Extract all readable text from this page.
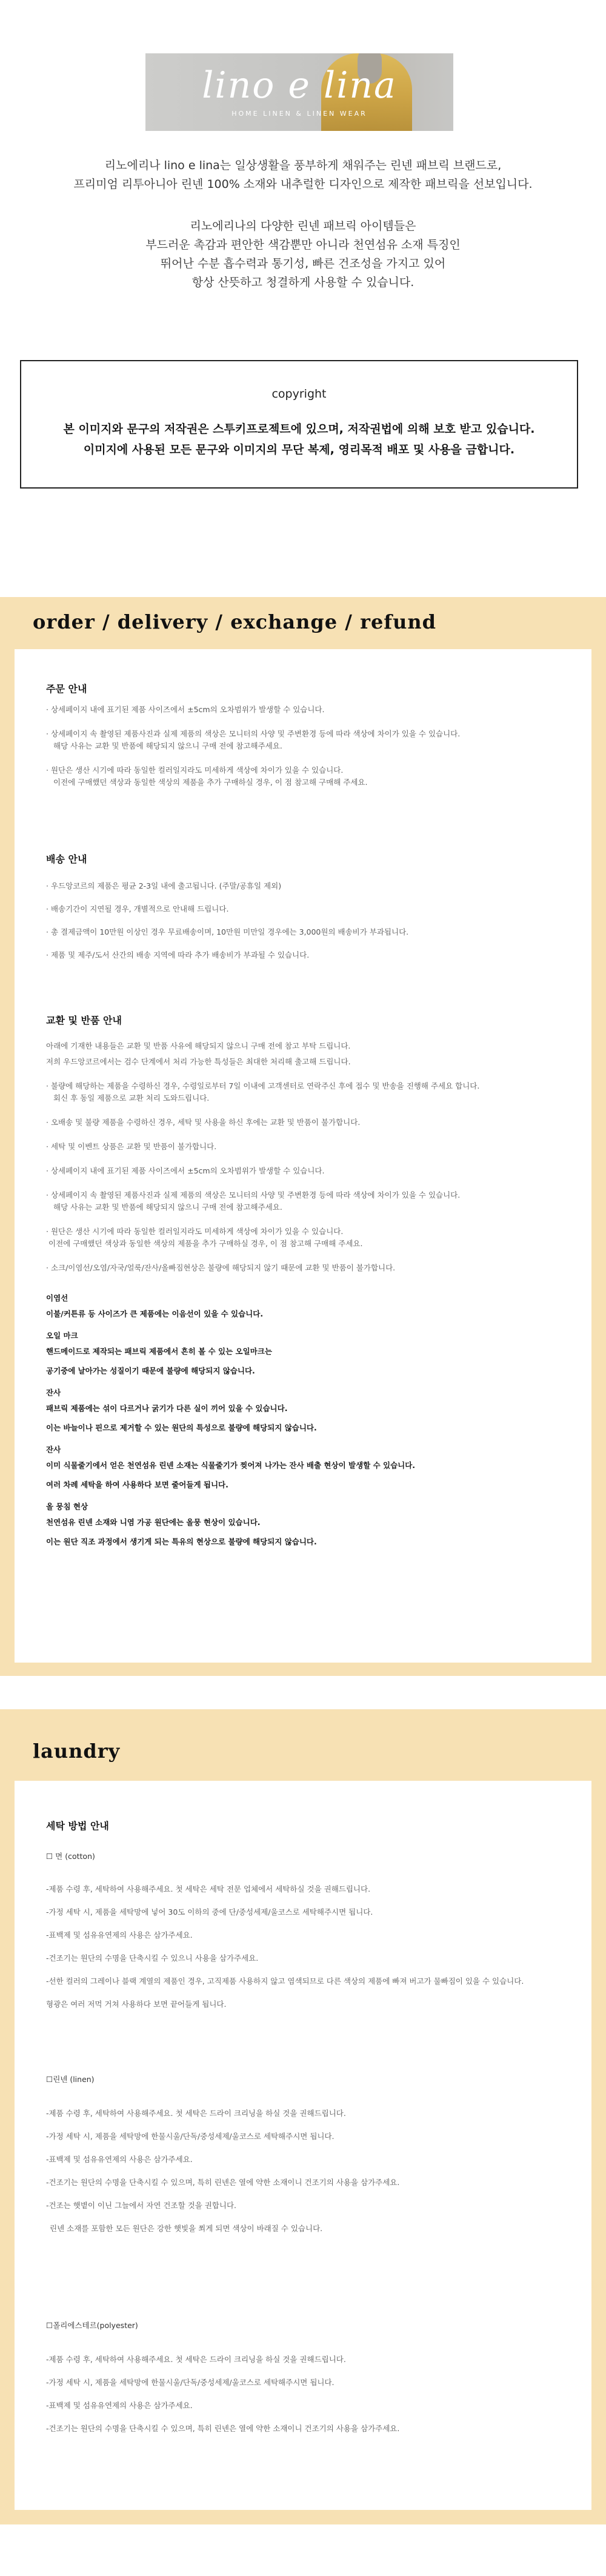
lino e lina
HOME LINEN & LINEN WEAR
리노에리나 lino e lina는 일상생활을 풍부하게 채워주는 린넨 패브릭 브랜드로,
프리미엄 리투아니아 린넨 100% 소재와 내추럴한 디자인으로 제작한 패브릭을 선보입니다.
리노에리나의 다양한 린넨 패브릭 아이템들은
부드러운 촉감과 편안한 색감뿐만 아니라 천연섬유 소재 특징인
뛰어난 수분 흡수력과 통기성, 빠른 건조성을 가지고 있어
항상 산뜻하고 청결하게 사용할 수 있습니다.
copyright
본 이미지와 문구의 저작권은 스투키프로젝트에 있으며, 저작권법에 의해 보호 받고 있습니다.
이미지에 사용된 모든 문구와 이미지의 무단 복제, 영리목적 배포 및 사용을 금합니다.
order / delivery / exchange / refund
주문 안내
· 상세페이지 내에 표기된 제품 사이즈에서 ±5cm의 오차범위가 발생할 수 있습니다.
· 상세페이지 속 촬영된 제품사진과 실제 제품의 색상은 모니터의 사양 및 주변환경 등에 따라 색상에 차이가 있을 수 있습니다.
해당 사유는 교환 및 반품에 해당되지 않으니 구매 전에 참고해주세요.
· 원단은 생산 시기에 따라 동일한 컬러일지라도 미세하게 색상에 차이가 있을 수 있습니다.
이전에 구매했던 색상과 동일한 색상의 제품을 추가 구매하실 경우, 이 점 참고해 구매해 주세요.
배송 안내
· 우드앙코르의 제품은 평균 2-3일 내에 출고됩니다. (주말/공휴일 제외)
· 배송기간이 지연될 경우, 개별적으로 안내해 드립니다.
· 총 결제금액이 10만원 이상인 경우 무료배송이며, 10만원 미만일 경우에는 3,000원의 배송비가 부과됩니다.
· 제품 및 제주/도서 산간의 배송 지역에 따라 추가 배송비가 부과될 수 있습니다.
교환 및 반품 안내
아래에 기재한 내용들은 교환 및 반품 사유에 해당되지 않으니 구매 전에 참고 부탁 드립니다.
저희 우드앙코르에서는 검수 단계에서 처리 가능한 특성들은 최대한 처리해 출고해 드립니다.
· 불량에 해당하는 제품을 수령하신 경우, 수령일로부터 7일 이내에 고객센터로 연락주신 후에 접수 및 반송을 진행해 주세요 합니다.
회신 후 동일 제품으로 교환 처리 도와드립니다.
· 오배송 및 불량 제품을 수령하신 경우, 세탁 및 사용을 하신 후에는 교환 및 반품이 불가합니다.
· 세탁 및 이벤트 상품은 교환 및 반품이 불가합니다.
· 상세페이지 내에 표기된 제품 사이즈에서 ±5cm의 오차범위가 발생할 수 있습니다.
· 상세페이지 속 촬영된 제품사진과 실제 제품의 색상은 모니터의 사양 및 주변환경 등에 따라 색상에 차이가 있을 수 있습니다.
해당 사유는 교환 및 반품에 해당되지 않으니 구매 전에 참고해주세요.
· 원단은 생산 시기에 따라 동일한 컬러일지라도 미세하게 색상에 차이가 있을 수 있습니다.
이전에 구매했던 색상과 동일한 색상의 제품을 추가 구매하실 경우, 이 점 참고해 구매해 주세요.
· 소크/이염선/오염/자국/얼룩/잔사/올빠짐현상은 불량에 해당되지 않기 때문에 교환 및 반품이 불가합니다.
이염선
이불/커튼류 등 사이즈가 큰 제품에는 이음선이 있을 수 있습니다.
오일 마크
핸드메이드로 제작되는 패브릭 제품에서 흔히 볼 수 있는 오일마크는
공기중에 날아가는 성질이기 때문에 불량에 해당되지 않습니다.
잔사
패브릭 제품에는 섞이 다르거나 굵기가 다른 실이 끼어 있을 수 있습니다.
이는 바늘이나 핀으로 제거할 수 있는 원단의 특성으로 불량에 해당되지 않습니다.
잔사
이미 식물줄기에서 얻은 천연섬유 린넨 소재는 식물줄기가 찢어져 나가는 잔사 배출 현상이 발생할 수 있습니다.
여러 차례 세탁을 하여 사용하다 보면 줄어들게 됩니다.
올 뭉침 현상
천연섬유 린넨 소재와 니염 가공 원단에는 올뭉 현상이 있습니다.
이는 원단 직조 과정에서 생기게 되는 특유의 현상으로 불량에 해당되지 않습니다.
laundry
세탁 방법 안내
☐ 면 (cotton)
-제품 수령 후, 세탁하여 사용해주세요. 첫 세탁은 세탁 전문 업체에서 세탁하실 것을 권해드립니다.
-가정 세탁 시, 제품을 세탁망에 넣어 30도 이하의 중에 단/중성세제/울코스로 세탁해주시면 됩니다.
-표백제 및 섬유유연제의 사용은 삼가주세요.
-건조기는 원단의 수명을 단축시킬 수 있으니 사용을 삼가주세요.
-선한 컬러의 그레이나 블랙 계열의 제품인 경우, 고직제품 사용하지 않고 염색되므로 다른 색상의 제품에 빠져 버고가 물빠짐이 있을 수 있습니다.
형광은 여러 저먹 거쳐 사용하다 보면 끝어들게 됩니다.
☐린넨 (linen)
-제품 수령 후, 세탁하여 사용해주세요. 첫 세탁은 드라이 크리닝을 하실 것을 권해드립니다.
-가정 세탁 시, 제품을 세탁망에 한물시울/단독/중성세제/울코스로 세탁해주시면 됩니다.
-표백제 및 섬유유연제의 사용은 삼가주세요.
-건조기는 원단의 수명을 단축시킬 수 있으며, 특히 린넨은 열에 약한 소재이니 건조기의 사용을 삼가주세요.
-건조는 햇볕이 이닌 그늘에서 자연 건조할 것을 권합니다.
린넨 소재를 포함한 모든 원단은 강한 햇빛을 쬐게 되면 색상이 바래질 수 있습니다.
☐폴리에스테르(polyester)
-제품 수령 후, 세탁하여 사용해주세요. 첫 세탁은 드라이 크리닝을 하실 것을 권해드립니다.
-가정 세탁 시, 제품을 세탁망에 한물시울/단독/중성세제/울코스로 세탁해주시면 됩니다.
-표백제 및 섬유유연제의 사용은 삼가주세요.
-건조기는 원단의 수명을 단축시킬 수 있으며, 특히 린넨은 열에 약한 소재이니 건조기의 사용을 삼가주세요.
